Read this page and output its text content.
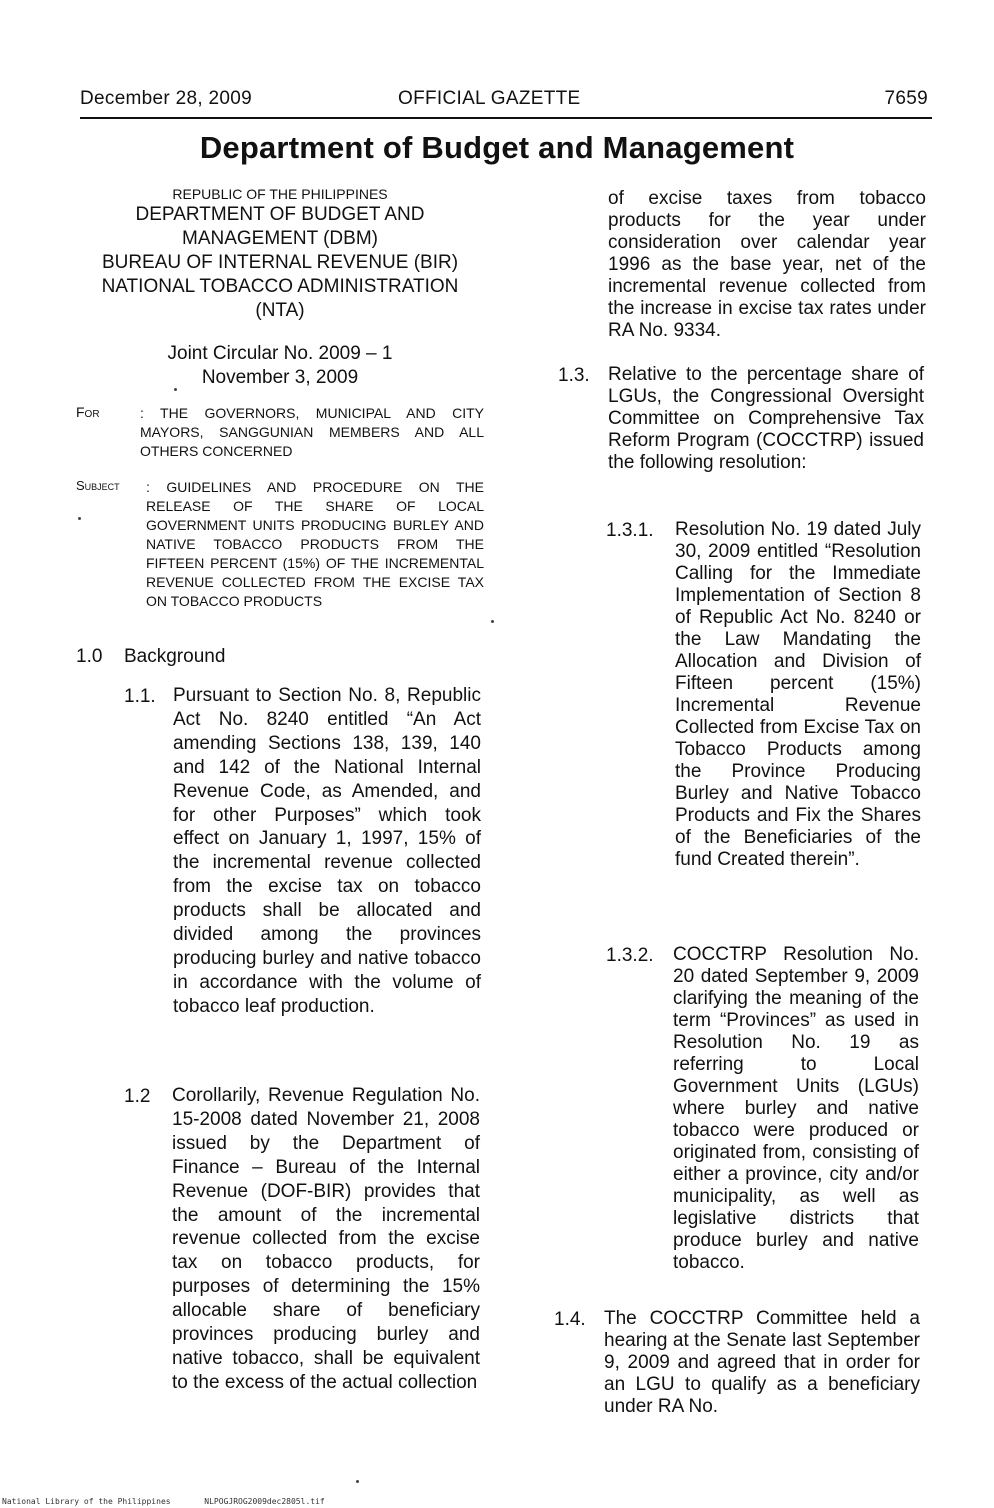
December 28, 2009	OFFICIAL GAZETTE	7659
Department of Budget and Management
REPUBLIC OF THE PHILIPPINES
DEPARTMENT OF BUDGET AND
MANAGEMENT (DBM)
BUREAU OF INTERNAL REVENUE (BIR)
NATIONAL TOBACCO ADMINISTRATION
(NTA)
Joint Circular No. 2009 – 1
November 3, 2009
For	: THE GOVERNORS, MUNICIPAL AND CITY MAYORS, SANGGUNIAN MEMBERS AND ALL OTHERS CONCERNED
Subject : GUIDELINES AND PROCEDURE ON THE RELEASE OF THE SHARE OF LOCAL GOVERNMENT UNITS PRODUCING BURLEY AND NATIVE TOBACCO PRODUCTS FROM THE FIFTEEN PERCENT (15%) OF THE INCREMENTAL REVENUE COLLECTED FROM THE EXCISE TAX ON TOBACCO PRODUCTS
1.0 Background
1.1. Pursuant to Section No. 8, Republic Act No. 8240 entitled “An Act amending Sections 138, 139, 140 and 142 of the National Internal Revenue Code, as Amended, and for other Purposes” which took effect on January 1, 1997, 15% of the incremental revenue collected from the excise tax on tobacco products shall be allocated and divided among the provinces producing burley and native tobacco in accordance with the volume of tobacco leaf production.
1.2 Corollarily, Revenue Regulation No. 15-2008 dated November 21, 2008 issued by the Department of Finance – Bureau of the Internal Revenue (DOF-BIR) provides that the amount of the incremental revenue collected from the excise tax on tobacco products, for purposes of determining the 15% allocable share of beneficiary provinces producing burley and native tobacco, shall be equivalent to the excess of the actual collection
of excise taxes from tobacco products for the year under consideration over calendar year 1996 as the base year, net of the incremental revenue collected from the increase in excise tax rates under RA No. 9334.
1.3. Relative to the percentage share of LGUs, the Congressional Oversight Committee on Comprehensive Tax Reform Program (COCCTRP) issued the following resolution:
1.3.1. Resolution No. 19 dated July 30, 2009 entitled “Resolution Calling for the Immediate Implementation of Section 8 of Republic Act No. 8240 or the Law Mandating the Allocation and Division of Fifteen percent (15%) Incremental Revenue Collected from Excise Tax on Tobacco Products among the Province Producing Burley and Native Tobacco Products and Fix the Shares of the Beneficiaries of the fund Created therein”.
1.3.2. COCCTRP Resolution No. 20 dated September 9, 2009 clarifying the meaning of the term “Provinces” as used in Resolution No. 19 as referring to Local Government Units (LGUs) where burley and native tobacco were produced or originated from, consisting of either a province, city and/or municipality, as well as legislative districts that produce burley and native tobacco.
1.4. The COCCTRP Committee held a hearing at the Senate last September 9, 2009 and agreed that in order for an LGU to qualify as a beneficiary under RA No.
National Library of the Philippines	NLPOGJROG2009dec2805l.tif
